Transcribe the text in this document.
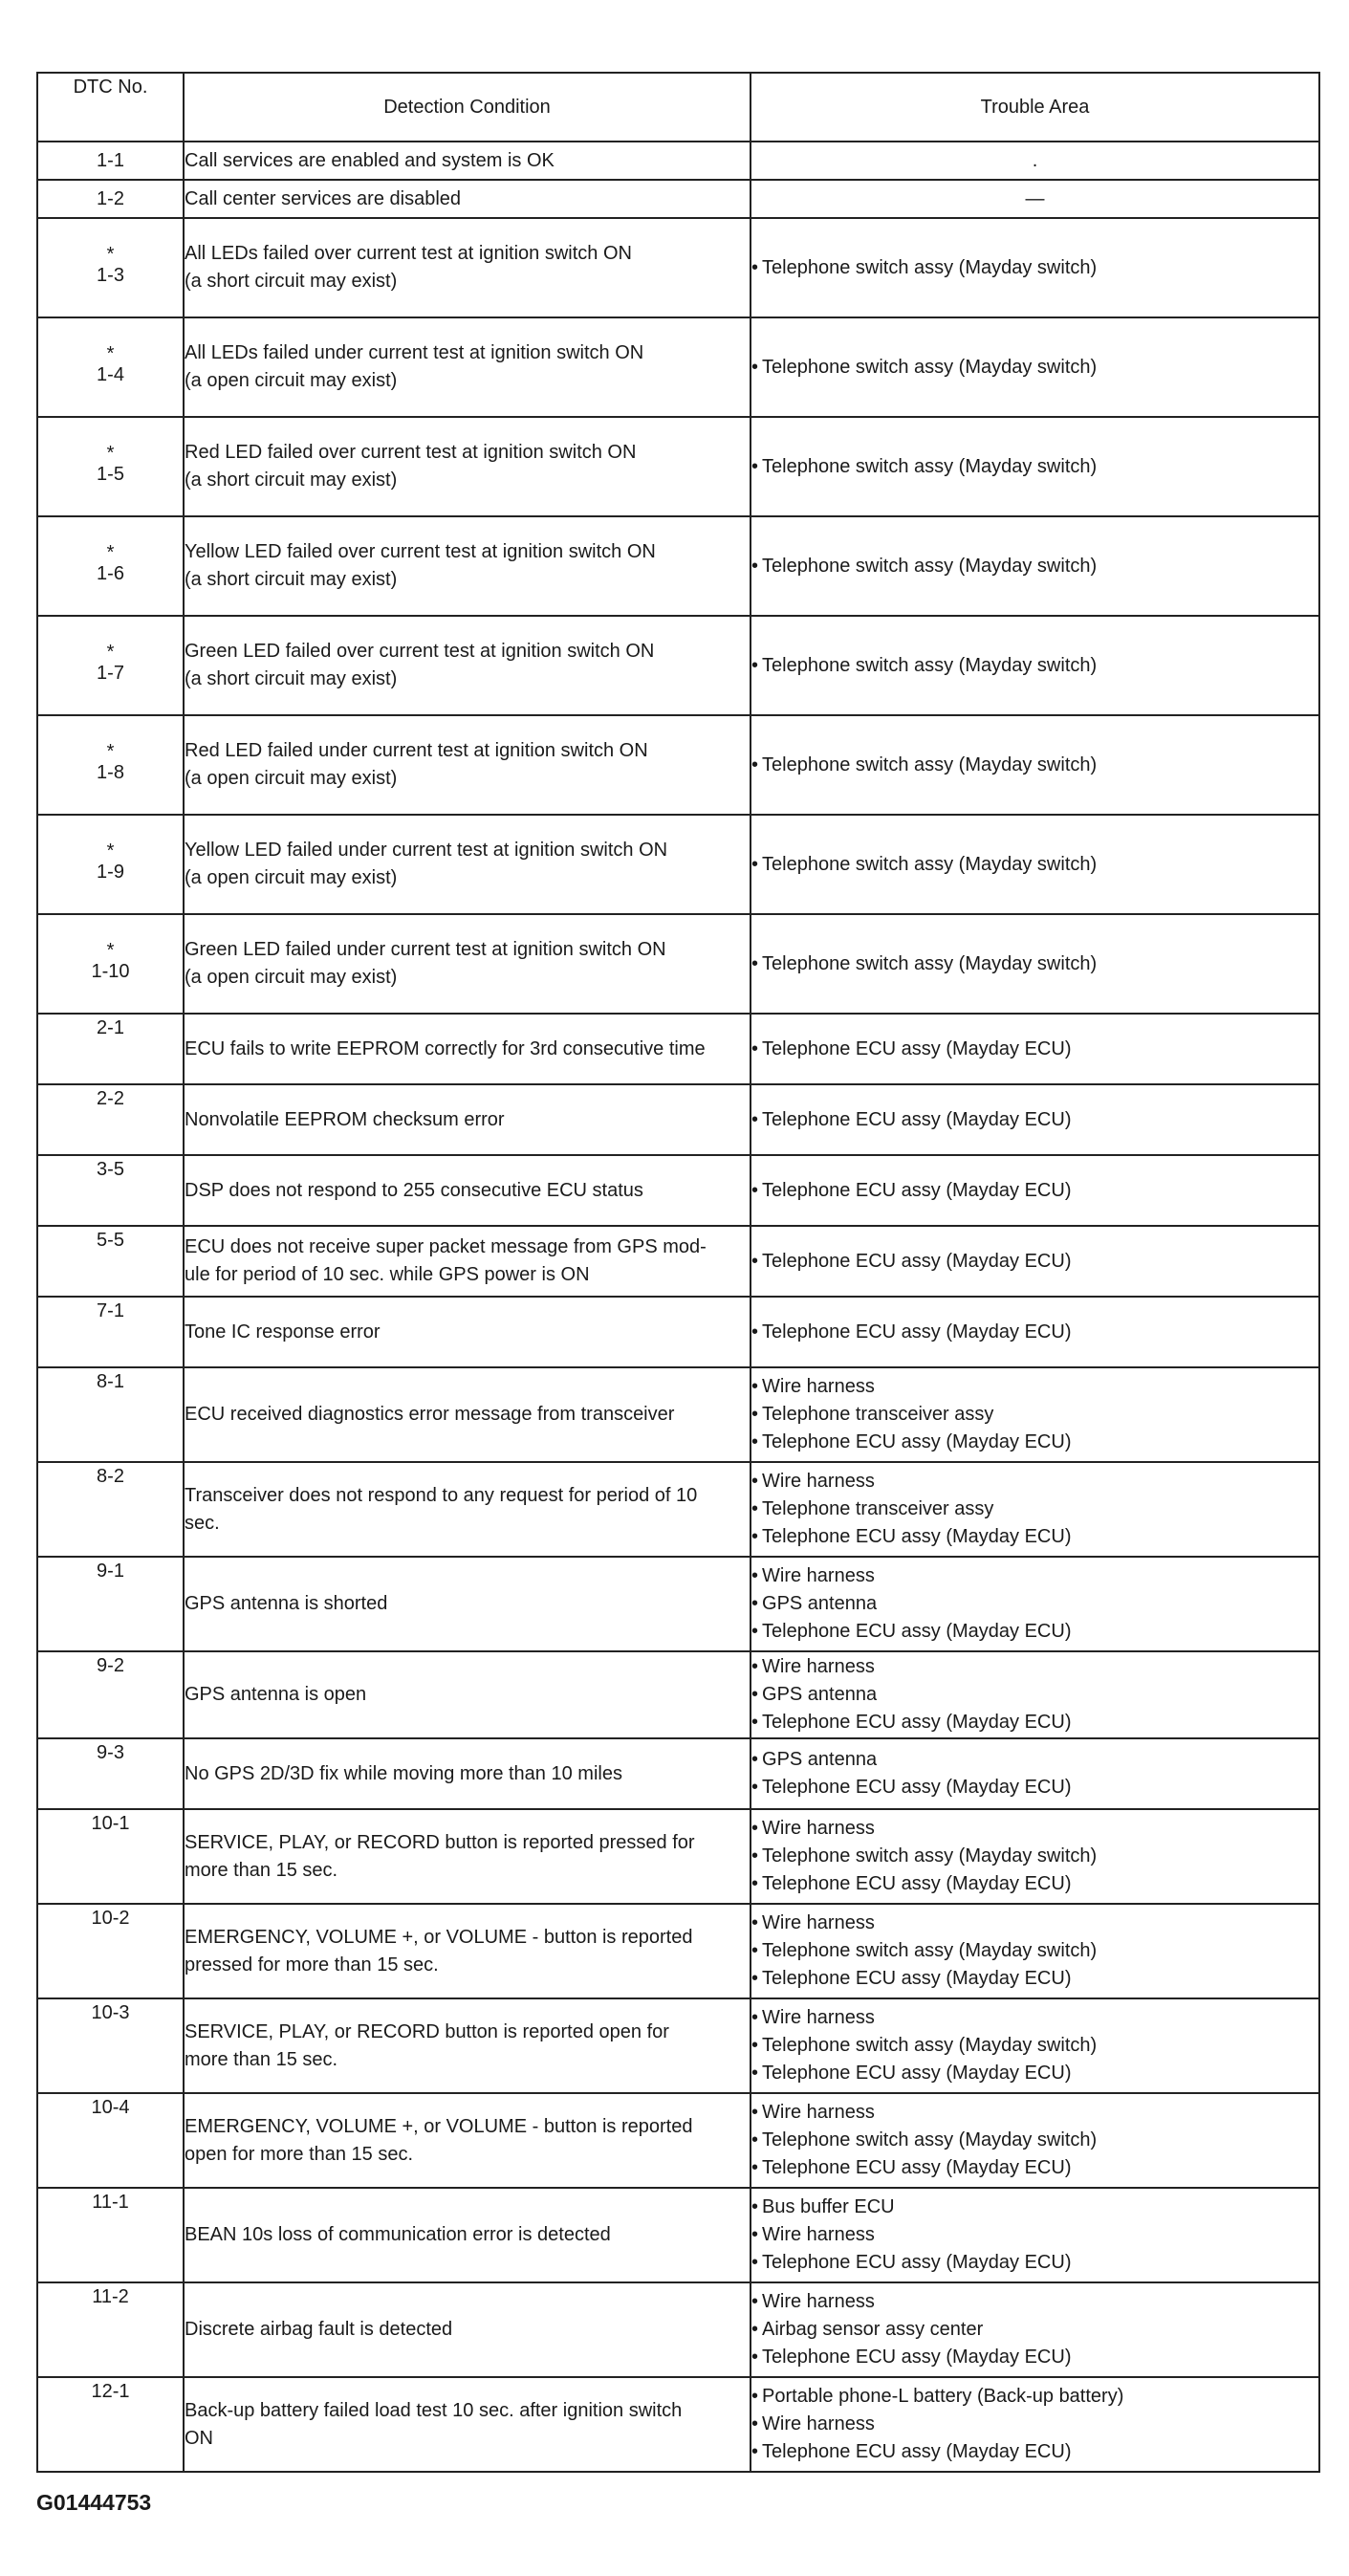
DTC No.	Detection Condition	Trouble Area

1-1	Call services are enabled and system is OK	.

1-2	Call center services are disabled	—

*
1-3	All LEDs failed over current test at ignition switch ON
(a short circuit may exist)	• Telephone switch assy (Mayday switch)

*
1-4	All LEDs failed under current test at ignition switch ON
(a open circuit may exist)	• Telephone switch assy (Mayday switch)

*
1-5	Red LED failed over current test at ignition switch ON
(a short circuit may exist)	• Telephone switch assy (Mayday switch)

*
1-6	Yellow LED failed over current test at ignition switch ON
(a short circuit may exist)	• Telephone switch assy (Mayday switch)

*
1-7	Green LED failed over current test at ignition switch ON
(a short circuit may exist)	• Telephone switch assy (Mayday switch)

*
1-8	Red LED failed under current test at ignition switch ON
(a open circuit may exist)	• Telephone switch assy (Mayday switch)

*
1-9	Yellow LED failed under current test at ignition switch ON
(a open circuit may exist)	• Telephone switch assy (Mayday switch)

*
1-10	Green LED failed under current test at ignition switch ON
(a open circuit may exist)	• Telephone switch assy (Mayday switch)

2-1	ECU fails to write EEPROM correctly for 3rd consecutive time	• Telephone ECU assy (Mayday ECU)

2-2	Nonvolatile EEPROM checksum error	• Telephone ECU assy (Mayday ECU)

3-5	DSP does not respond to 255 consecutive ECU status	• Telephone ECU assy (Mayday ECU)

5-5	ECU does not receive super packet message from GPS mod-
ule for period of 10 sec. while GPS power is ON	• Telephone ECU assy (Mayday ECU)

7-1	Tone IC response error	• Telephone ECU assy (Mayday ECU)

8-1	ECU received diagnostics error message from transceiver	• Wire harness
• Telephone transceiver assy
• Telephone ECU assy (Mayday ECU)

8-2	Transceiver does not respond to any request for period of 10
sec.	• Wire harness
• Telephone transceiver assy
• Telephone ECU assy (Mayday ECU)

9-1	GPS antenna is shorted	• Wire harness
• GPS antenna
• Telephone ECU assy (Mayday ECU)

9-2	GPS antenna is open	• Wire harness
• GPS antenna
• Telephone ECU assy (Mayday ECU)

9-3	No GPS 2D/3D fix while moving more than 10 miles	• GPS antenna
• Telephone ECU assy (Mayday ECU)

10-1	SERVICE, PLAY, or RECORD button is reported pressed for
more than 15 sec.	• Wire harness
• Telephone switch assy (Mayday switch)
• Telephone ECU assy (Mayday ECU)

10-2	EMERGENCY, VOLUME +, or VOLUME - button is reported
pressed for more than 15 sec.	• Wire harness
• Telephone switch assy (Mayday switch)
• Telephone ECU assy (Mayday ECU)

10-3	SERVICE, PLAY, or RECORD button is reported open for
more than 15 sec.	• Wire harness
• Telephone switch assy (Mayday switch)
• Telephone ECU assy (Mayday ECU)

10-4	EMERGENCY, VOLUME +, or VOLUME - button is reported
open for more than 15 sec.	• Wire harness
• Telephone switch assy (Mayday switch)
• Telephone ECU assy (Mayday ECU)

11-1	BEAN 10s loss of communication error is detected	• Bus buffer ECU
• Wire harness
• Telephone ECU assy (Mayday ECU)

11-2	Discrete airbag fault is detected	• Wire harness
• Airbag sensor assy center
• Telephone ECU assy (Mayday ECU)

12-1	Back-up battery failed load test 10 sec. after ignition switch
ON	• Portable phone-L battery (Back-up battery)
• Wire harness
• Telephone ECU assy (Mayday ECU)
G01444753
